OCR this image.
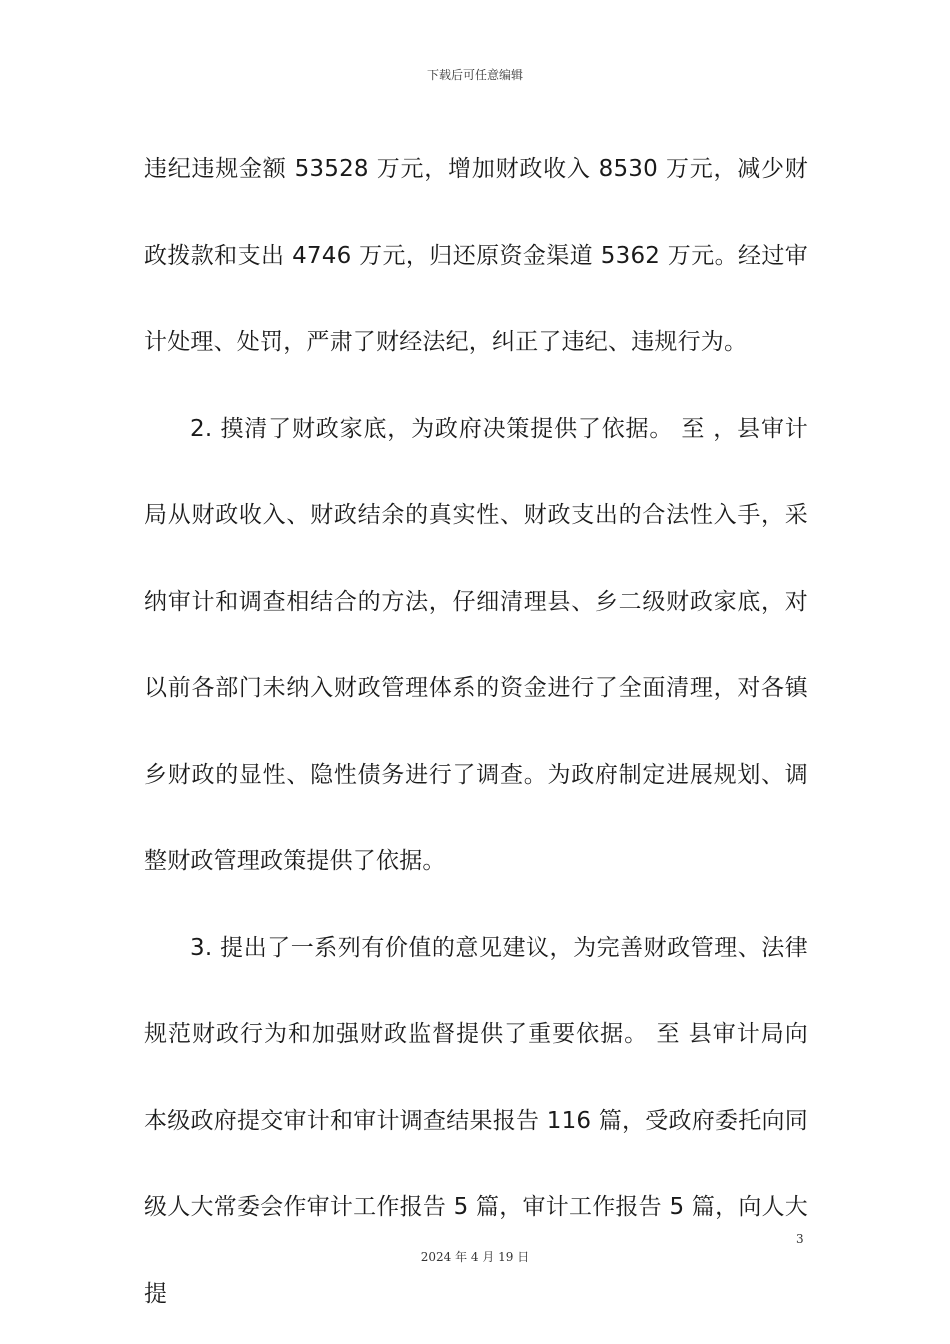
下载后可任意编辑

违纪违规金额 53528 万元，增加财政收入 8530 万元，减少财政拨款和支出 4746 万元，归还原资金渠道 5362 万元。经过审计处理、处罚，严肃了财经法纪，纠正了违纪、违规行为。

2. 摸清了财政家底，为政府决策提供了依据。 至 ，县审计局从财政收入、财政结余的真实性、财政支出的合法性入手，采纳审计和调查相结合的方法，仔细清理县、乡二级财政家底，对以前各部门未纳入财政管理体系的资金进行了全面清理，对各镇乡财政的显性、隐性债务进行了调查。为政府制定进展规划、调整财政管理政策提供了依据。

3. 提出了一系列有价值的意见建议，为完善财政管理、法律规范财政行为和加强财政监督提供了重要依据。 至 县审计局向本级政府提交审计和审计调查结果报告 116 篇，受政府委托向同级人大常委会作审计工作报告 5 篇，审计工作报告 5 篇，向人大提

3
2024 年 4 月 19 日
